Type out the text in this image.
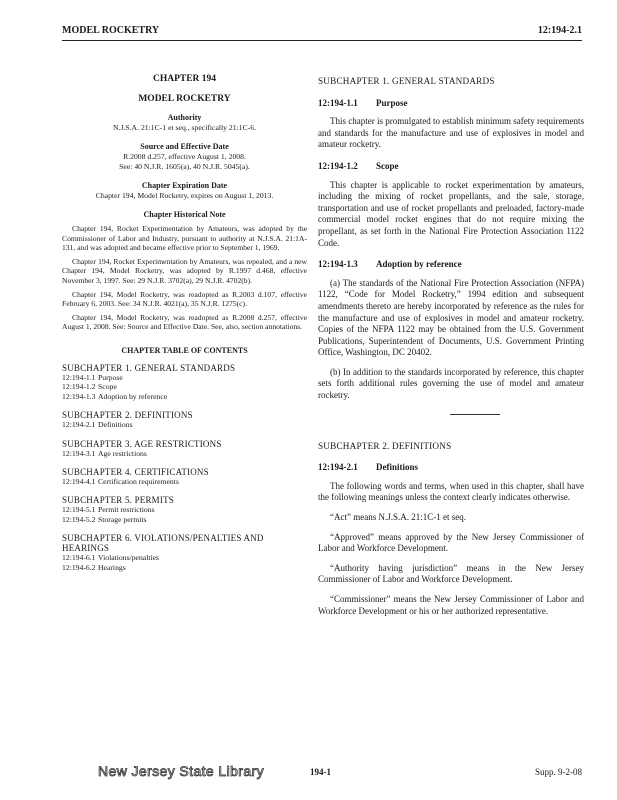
MODEL ROCKETRY	12:194-2.1
CHAPTER 194
MODEL ROCKETRY
Authority
N.J.S.A. 21:1C-1 et seq., specifically 21:1C-6.
Source and Effective Date
R.2008 d.257, effective August 1, 2008.
See: 40 N.J.R. 1605(a), 40 N.J.R. 5045(a).
Chapter Expiration Date
Chapter 194, Model Rocketry, expires on August 1, 2013.
Chapter Historical Note

Chapter 194, Rocket Experimentation by Amateurs, was adopted by the Commissioner of Labor and Industry, pursuant to authority at N.J.S.A. 21:1A-131, and was adopted and became effective prior to September 1, 1969.

Chapter 194, Rocket Experimentation by Amateurs, was repealed, and a new Chapter 194, Model Rocketry, was adopted by R.1997 d.468, effective November 3, 1997. See: 29 N.J.R. 3702(a), 29 N.J.R. 4702(b).

Chapter 194, Model Rocketry, was readopted as R.2003 d.107, effective February 6, 2003. See: 34 N.J.R. 4021(a), 35 N.J.R. 1275(c).

Chapter 194, Model Rocketry, was readopted as R.2008 d.257, effective August 1, 2008. See: Source and Effective Date. See, also, section annotations.

CHAPTER TABLE OF CONTENTS
SUBCHAPTER 1. GENERAL STANDARDS
12:194-1.1 Purpose
12:194-1.2 Scope
12:194-1.3 Adoption by reference
SUBCHAPTER 2. DEFINITIONS
12:194-2.1 Definitions
SUBCHAPTER 3. AGE RESTRICTIONS
12:194-3.1 Age restrictions
SUBCHAPTER 4. CERTIFICATIONS
12:194-4.1 Certification requirements
SUBCHAPTER 5. PERMITS
12:194-5.1 Permit restrictions
12:194-5.2 Storage permits
SUBCHAPTER 6. VIOLATIONS/PENALTIES AND HEARINGS
12:194-6.1 Violations/penalties
12:194-6.2 Hearings
SUBCHAPTER 1. GENERAL STANDARDS
12:194-1.1 Purpose

This chapter is promulgated to establish minimum safety requirements and standards for the manufacture and use of explosives in model and amateur rocketry.

12:194-1.2 Scope

This chapter is applicable to rocket experimentation by amateurs, including the mixing of rocket propellants, and the sale, storage, transportation and use of rocket propellants and preloaded, factory-made commercial model rocket engines that do not require mixing the propellant, as set forth in the National Fire Protection Association 1122 Code.

12:194-1.3 Adoption by reference

(a) The standards of the National Fire Protection Association (NFPA) 1122, “Code for Model Rocketry,” 1994 edition and subsequent amendments thereto are hereby incorporated by reference as the rules for the manufacture and use of explosives in model and amateur rocketry. Copies of the NFPA 1122 may be obtained from the U.S. Government Publications, Superintendent of Documents, U.S. Government Printing Office, Washington, DC 20402.

(b) In addition to the standards incorporated by reference, this chapter sets forth additional rules governing the use of model and amateur rocketry.

SUBCHAPTER 2. DEFINITIONS
12:194-2.1 Definitions

The following words and terms, when used in this chapter, shall have the following meanings unless the context clearly indicates otherwise.

“Act” means N.J.S.A. 21:1C-1 et seq.

“Approved” means approved by the New Jersey Commissioner of Labor and Workforce Development.

“Authority having jurisdiction” means in the New Jersey Commissioner of Labor and Workforce Development.

“Commissioner” means the New Jersey Commissioner of Labor and Workforce Development or his or her authorized representative.

New Jersey State Library	194-1	Supp. 9-2-08
